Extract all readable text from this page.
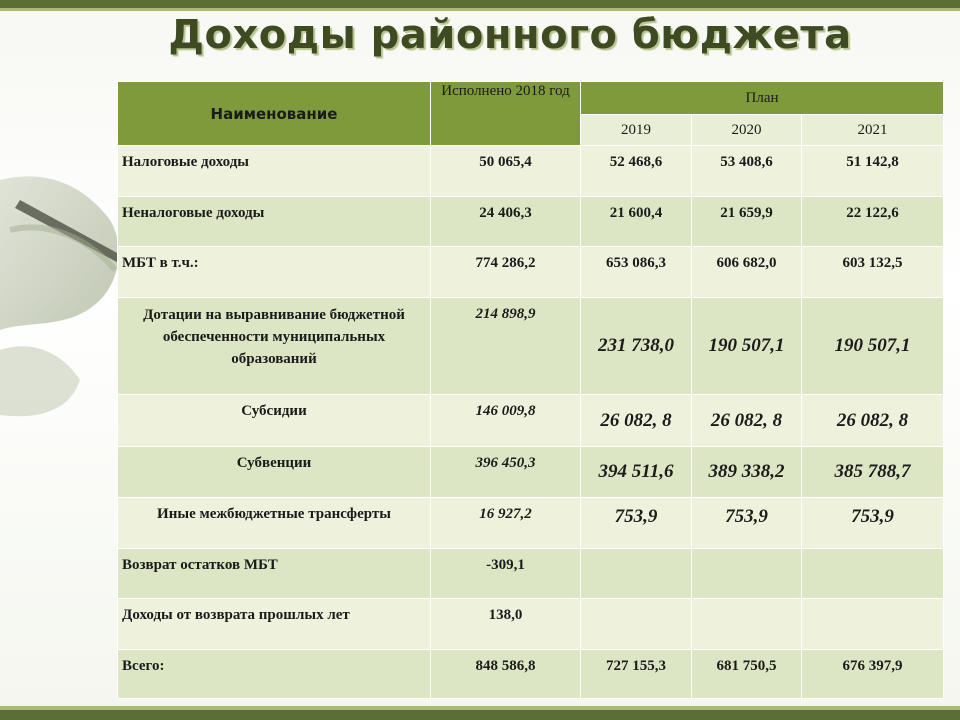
Доходы районного бюджета
Наименование	Исполнено 2018 год	План		
		2019	2020	2021
Налоговые доходы	50 065,4	52 468,6	53 408,6	51 142,8
Неналоговые доходы	24 406,3	21 600,4	21 659,9	22 122,6
МБТ в т.ч.:	774 286,2	653 086,3	606 682,0	603 132,5
Дотации на выравнивание бюджетной обеспеченности муниципальных образований	214 898,9	231 738,0	190 507,1	190 507,1
Субсидии	146 009,8	26 082, 8	26 082, 8	26 082, 8
Субвенции	396 450,3	394 511,6	389 338,2	385 788,7
Иные межбюджетные трансферты	16 927,2	753,9	753,9	753,9
Возврат остатков МБТ	-309,1			
Доходы от возврата прошлых лет	138,0			
Всего:	848 586,8	727 155,3	681 750,5	676 397,9
